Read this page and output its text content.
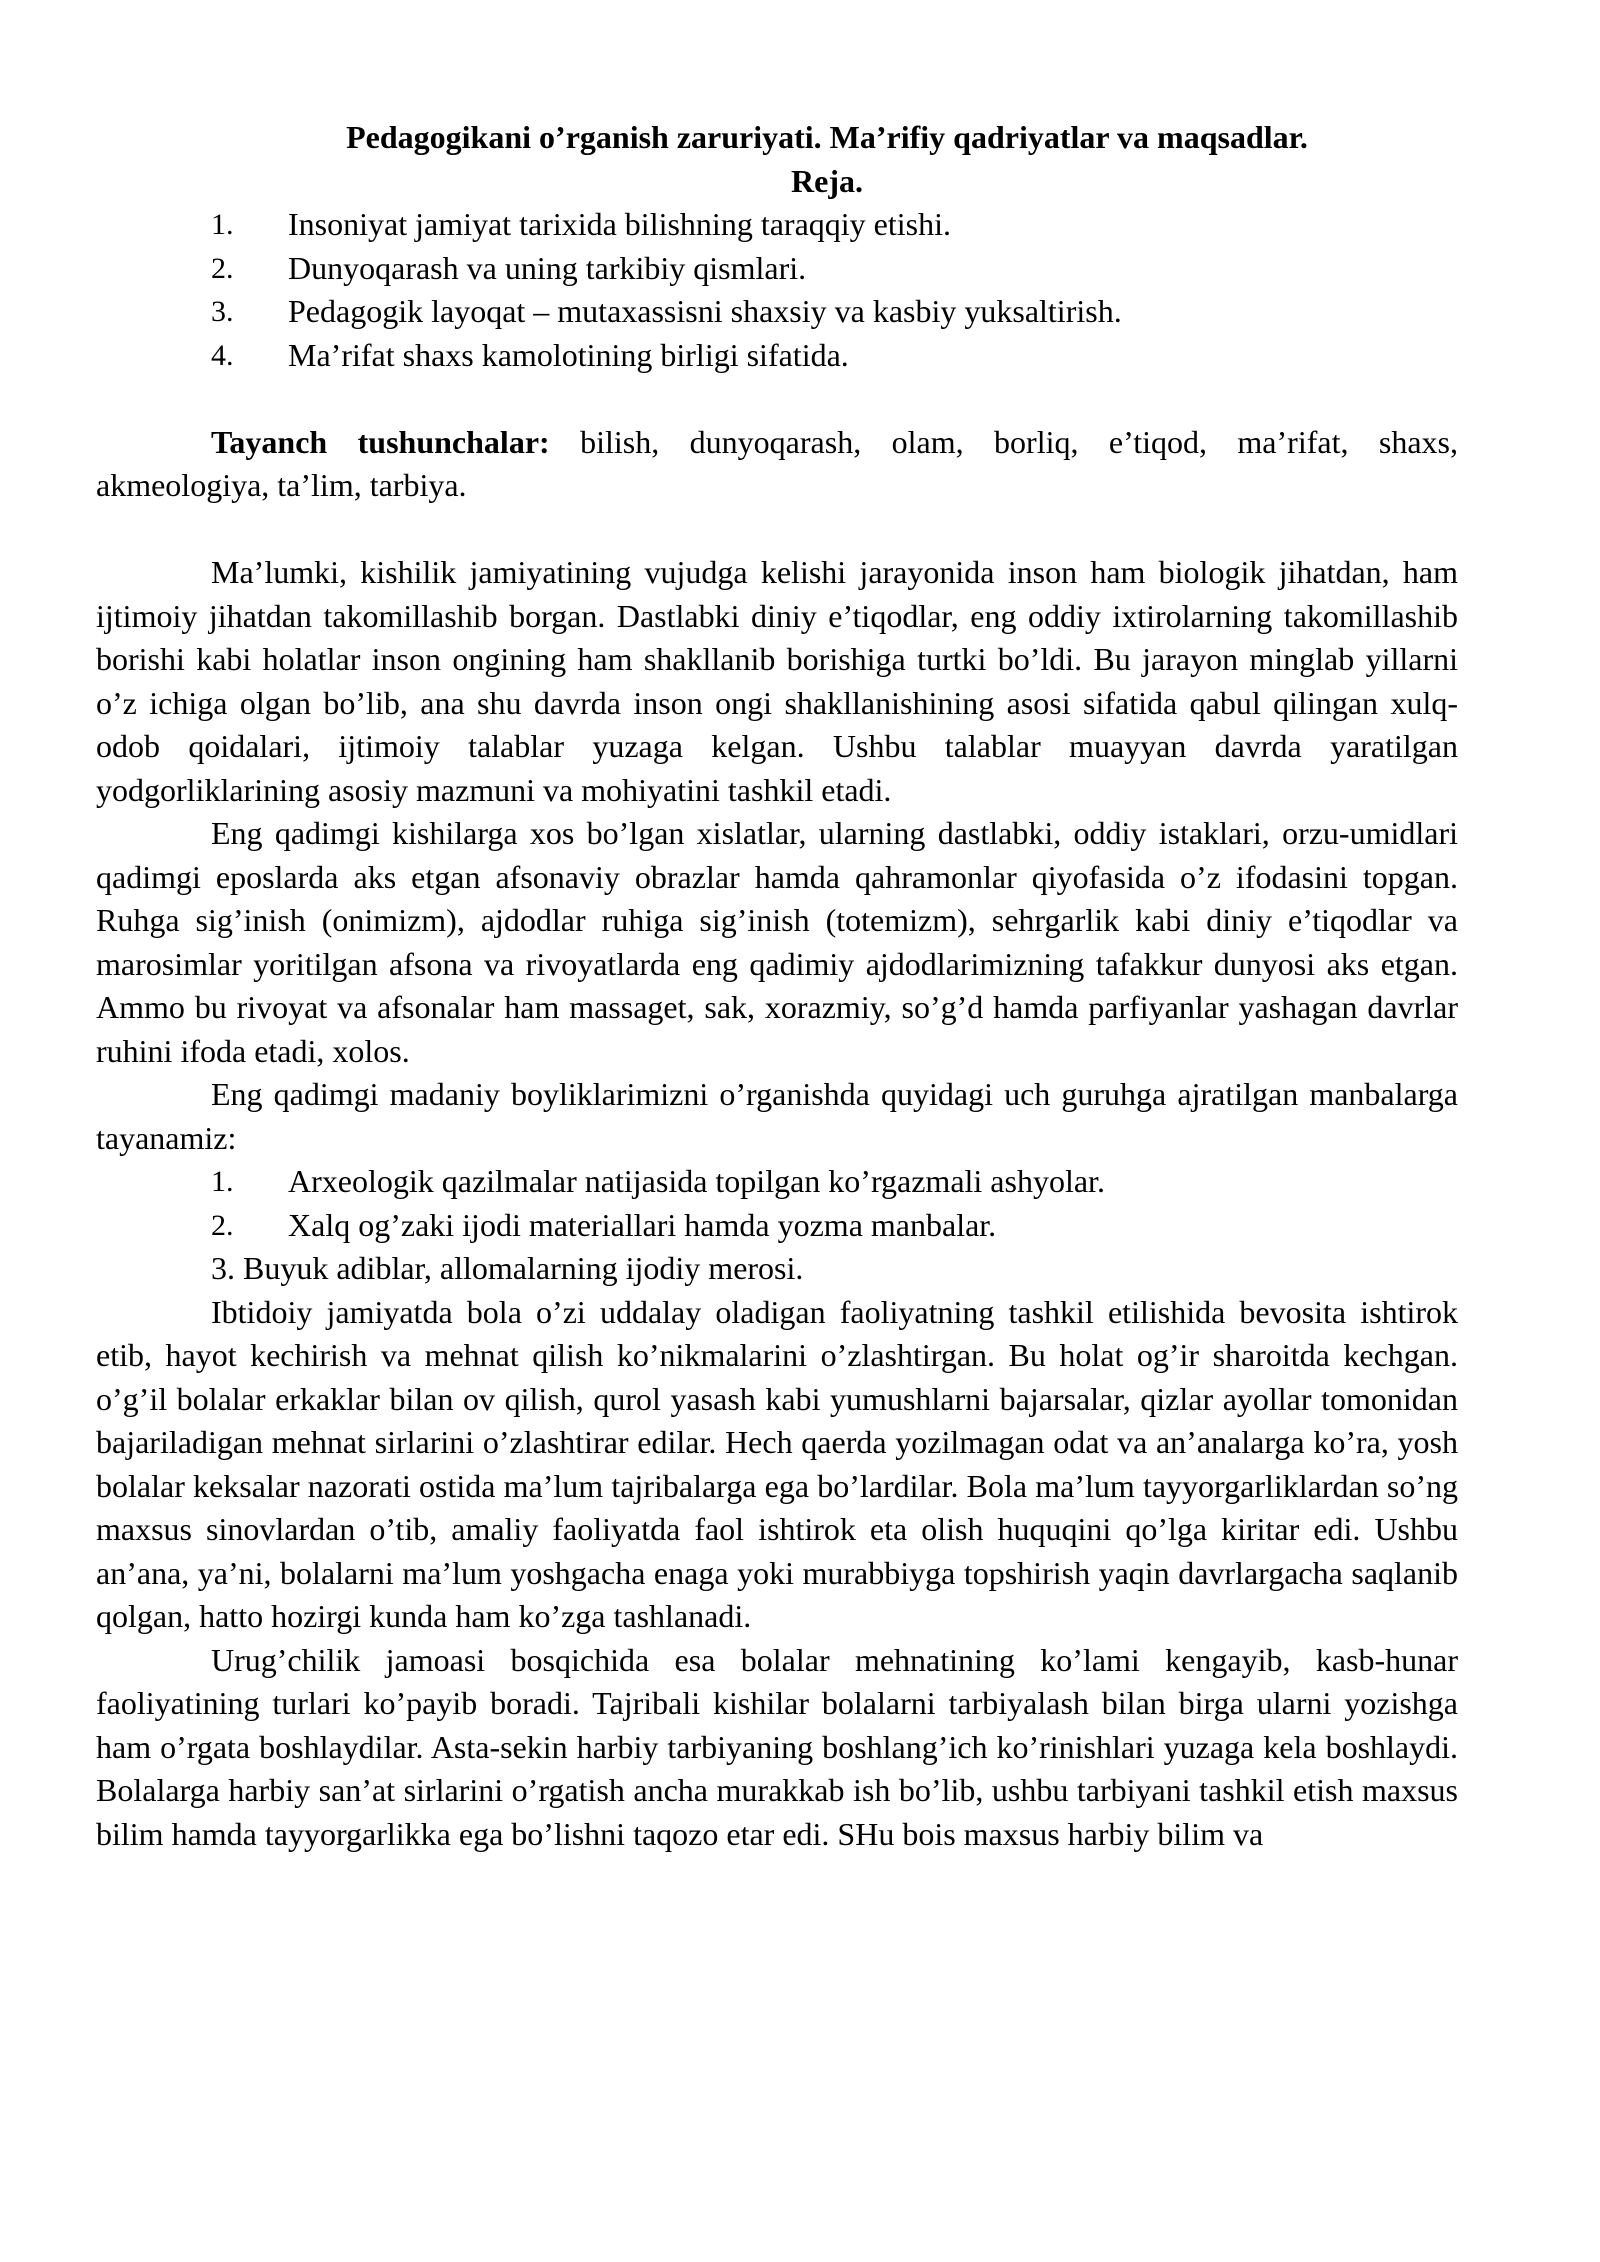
Pedagogikani o’rganish zaruriyati. Ma’rifiy qadriyatlar va maqsadlar.
Reja.
1. Insoniyat jamiyat tarixida bilishning taraqqiy etishi.
2. Dunyoqarash va uning tarkibiy qismlari.
3. Pedagogik layoqat – mutaxassisni shaxsiy va kasbiy yuksaltirish.
4. Ma’rifat shaxs kamolotining birligi sifatida.

Tayanch tushunchalar: bilish, dunyoqarash, olam, borliq, e’tiqod, ma’rifat, shaxs, akmeologiya, ta’lim, tarbiya.

Ma’lumki, kishilik jamiyatining vujudga kelishi jarayonida inson ham biologik jihatdan, ham ijtimoiy jihatdan takomillashib borgan. Dastlabki diniy e’tiqodlar, eng oddiy ixtirolarning takomillashib borishi kabi holatlar inson ongining ham shakllanib borishiga turtki bo’ldi. Bu jarayon minglab yillarni o’z ichiga olgan bo’lib, ana shu davrda inson ongi shakllanishining asosi sifatida qabul qilingan xulq-odob qoidalari, ijtimoiy talablar yuzaga kelgan. Ushbu talablar muayyan davrda yaratilgan yodgorliklarining asosiy mazmuni va mohiyatini tashkil etadi.

Eng qadimgi kishilarga xos bo’lgan xislatlar, ularning dastlabki, oddiy istaklari, orzu-umidlari qadimgi eposlarda aks etgan afsonaviy obrazlar hamda qahramonlar qiyofasida o’z ifodasini topgan. Ruhga sig’inish (onimizm), ajdodlar ruhiga sig’inish (totemizm), sehrgarlik kabi diniy e’tiqodlar va marosimlar yoritilgan afsona va rivoyatlarda eng qadimiy ajdodlarimizning tafakkur dunyosi aks etgan. Ammo bu rivoyat va afsonalar ham massaget, sak, xorazmiy, so’g’d hamda parfiyanlar yashagan davrlar ruhini ifoda etadi, xolos.

Eng qadimgi madaniy boyliklarimizni o’rganishda quyidagi uch guruhga ajratilgan manbalarga tayanamiz:

1. Arxeologik qazilmalar natijasida topilgan ko’rgazmali ashyolar.
2. Xalq og’zaki ijodi materiallari hamda yozma manbalar.
3. Buyuk adiblar, allomalarning ijodiy merosi.

Ibtidoiy jamiyatda bola o’zi uddalay oladigan faoliyatning tashkil etilishida bevosita ishtirok etib, hayot kechirish va mehnat qilish ko’nikmalarini o’zlashtirgan. Bu holat og’ir sharoitda kechgan. o’g’il bolalar erkaklar bilan ov qilish, qurol yasash kabi yumushlarni bajarsalar, qizlar ayollar tomonidan bajariladigan mehnat sirlarini o’zlashtirar edilar. Hech qaerda yozilmagan odat va an’analarga ko’ra, yosh bolalar keksalar nazorati ostida ma’lum tajribalarga ega bo’lardilar. Bola ma’lum tayyorgarliklardan so’ng maxsus sinovlardan o’tib, amaliy faoliyatda faol ishtirok eta olish huquqini qo’lga kiritar edi. Ushbu an’ana, ya’ni, bolalarni ma’lum yoshgacha enaga yoki murabbiyga topshirish yaqin davrlargacha saqlanib qolgan, hatto hozirgi kunda ham ko’zga tashlanadi.

Urug’chilik jamoasi bosqichida esa bolalar mehnatining ko’lami kengayib, kasb-hunar faoliyatining turlari ko’payib boradi. Tajribali kishilar bolalarni tarbiyalash bilan birga ularni yozishga ham o’rgata boshlaydilar. Asta-sekin harbiy tarbiyaning boshlang’ich ko’rinishlari yuzaga kela boshlaydi. Bolalarga harbiy san’at sirlarini o’rgatish ancha murakkab ish bo’lib, ushbu tarbiyani tashkil etish maxsus bilim hamda tayyorgarlikka ega bo’lishni taqozo etar edi. SHu bois maxsus harbiy bilim va
